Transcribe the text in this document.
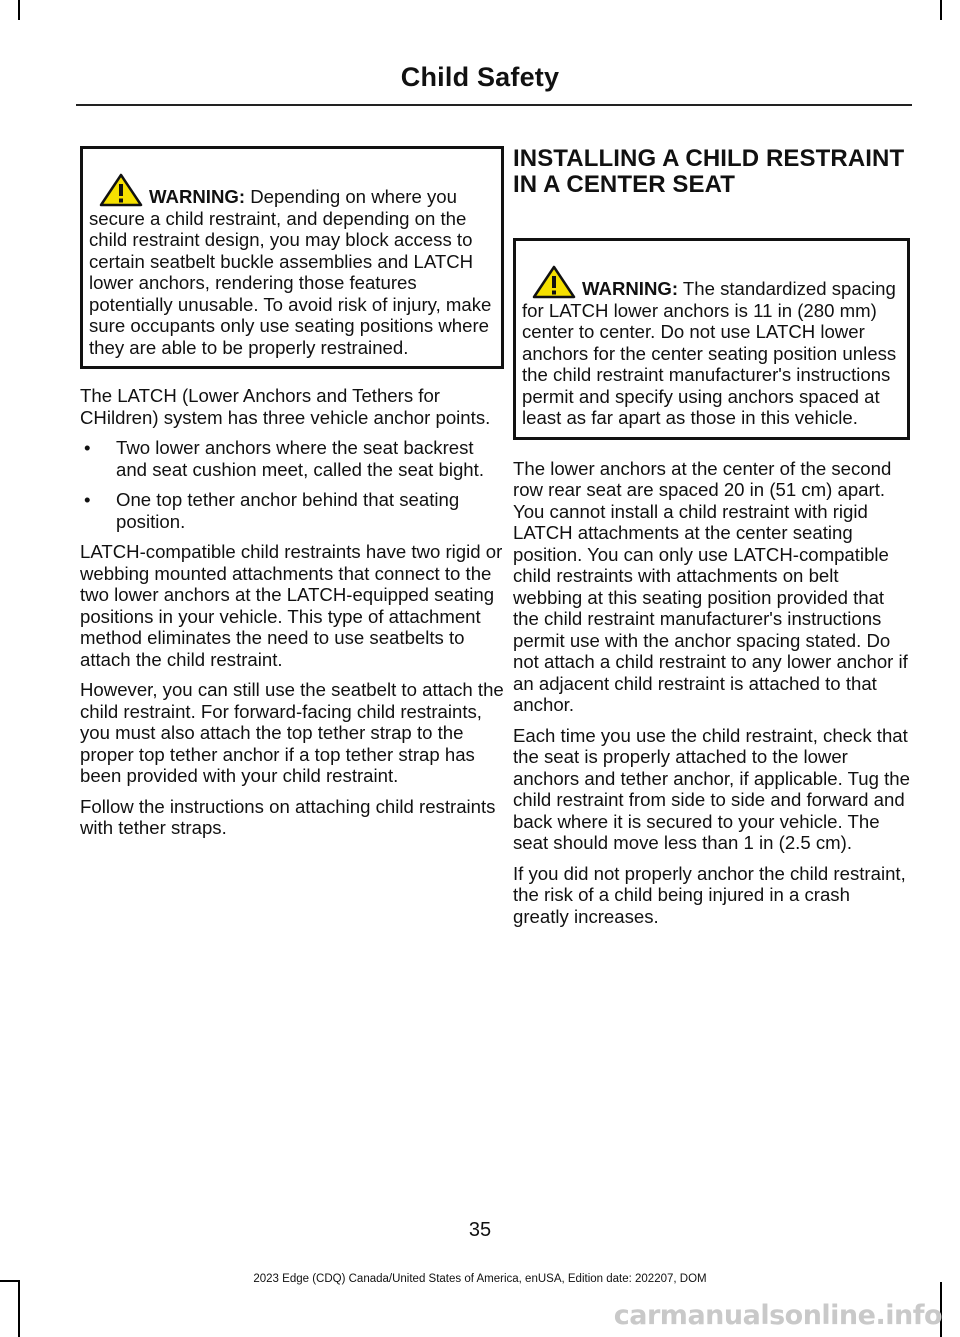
Child Safety
WARNING: Depending on where you secure a child restraint, and depending on the child restraint design, you may block access to certain seatbelt buckle assemblies and LATCH lower anchors, rendering those features potentially unusable. To avoid risk of injury, make sure occupants only use seating positions where they are able to be properly restrained.

The LATCH (Lower Anchors and Tethers for CHildren) system has three vehicle anchor points.

• Two lower anchors where the seat backrest and seat cushion meet, called the seat bight.
• One top tether anchor behind that seating position.

LATCH-compatible child restraints have two rigid or webbing mounted attachments that connect to the two lower anchors at the LATCH-equipped seating positions in your vehicle. This type of attachment method eliminates the need to use seatbelts to attach the child restraint.

However, you can still use the seatbelt to attach the child restraint. For forward-facing child restraints, you must also attach the top tether strap to the proper top tether anchor if a top tether strap has been provided with your child restraint.

Follow the instructions on attaching child restraints with tether straps.

INSTALLING A CHILD RESTRAINT IN A CENTER SEAT
WARNING: The standardized spacing for LATCH lower anchors is 11 in (280 mm) center to center. Do not use LATCH lower anchors for the center seating position unless the child restraint manufacturer's instructions permit and specify using anchors spaced at least as far apart as those in this vehicle.

The lower anchors at the center of the second row rear seat are spaced 20 in (51 cm) apart. You cannot install a child restraint with rigid LATCH attachments at the center seating position. You can only use LATCH-compatible child restraints with attachments on belt webbing at this seating position provided that the child restraint manufacturer's instructions permit use with the anchor spacing stated. Do not attach a child restraint to any lower anchor if an adjacent child restraint is attached to that anchor.

Each time you use the child restraint, check that the seat is properly attached to the lower anchors and tether anchor, if applicable. Tug the child restraint from side to side and forward and back where it is secured to your vehicle. The seat should move less than 1 in (2.5 cm).

If you did not properly anchor the child restraint, the risk of a child being injured in a crash greatly increases.

35
2023 Edge (CDQ) Canada/United States of America, enUSA, Edition date: 202207, DOM
carmanualsonline.info
